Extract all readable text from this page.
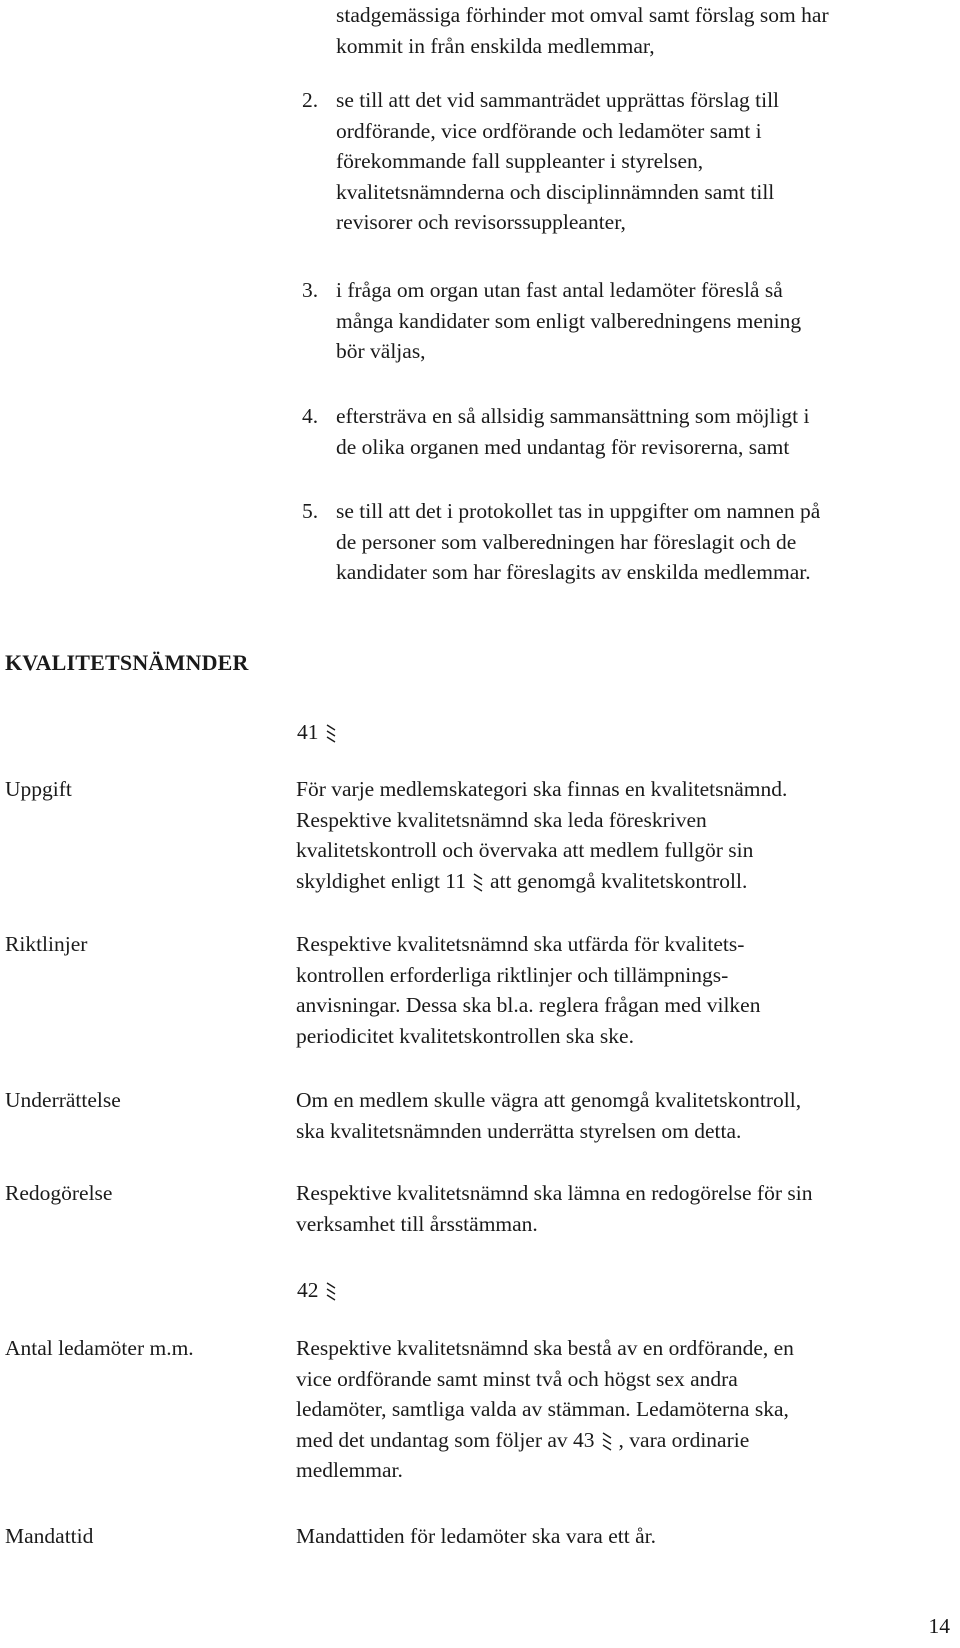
stadgemässiga förhinder mot omval samt förslag som har
kommit in från enskilda medlemmar,
2. se till att det vid sammanträdet upprättas förslag till
ordförande, vice ordförande och ledamöter samt i
förekommande fall suppleanter i styrelsen,
kvalitetsnämnderna och disciplinnämnden samt till
revisorer och revisorssuppleanter,
3. i fråga om organ utan fast antal ledamöter föreslå så
många kandidater som enligt valberedningens mening
bör väljas,
4. eftersträva en så allsidig sammansättning som möjligt i
de olika organen med undantag för revisorerna, samt
5. se till att det i protokollet tas in uppgifter om namnen på
de personer som valberedningen har föreslagit och de
kandidater som har föreslagits av enskilda medlemmar.
KVALITETSNÄMNDER
41
Uppgift	För varje medlemskategori ska finnas en kvalitetsnämnd.
Respektive kvalitetsnämnd ska leda föreskriven
kvalitetskontroll och övervaka att medlem fullgör sin
skyldighet enligt 11 att genomgå kvalitetskontroll.
Riktlinjer	Respektive kvalitetsnämnd ska utfärda för kvalitets-
kontrollen erforderliga riktlinjer och tillämpnings-
anvisningar. Dessa ska bl.a. reglera frågan med vilken
periodicitet kvalitetskontrollen ska ske.
Underrättelse	Om en medlem skulle vägra att genomgå kvalitetskontroll,
ska kvalitetsnämnden underrätta styrelsen om detta.
Redogörelse	Respektive kvalitetsnämnd ska lämna en redogörelse för sin
verksamhet till årsstämman.
42
Antal ledamöter m.m.	Respektive kvalitetsnämnd ska bestå av en ordförande, en
vice ordförande samt minst två och högst sex andra
ledamöter, samtliga valda av stämman. Ledamöterna ska,
med det undantag som följer av 43 , vara ordinarie
medlemmar.
Mandattid	Mandattiden för ledamöter ska vara ett år.
14
